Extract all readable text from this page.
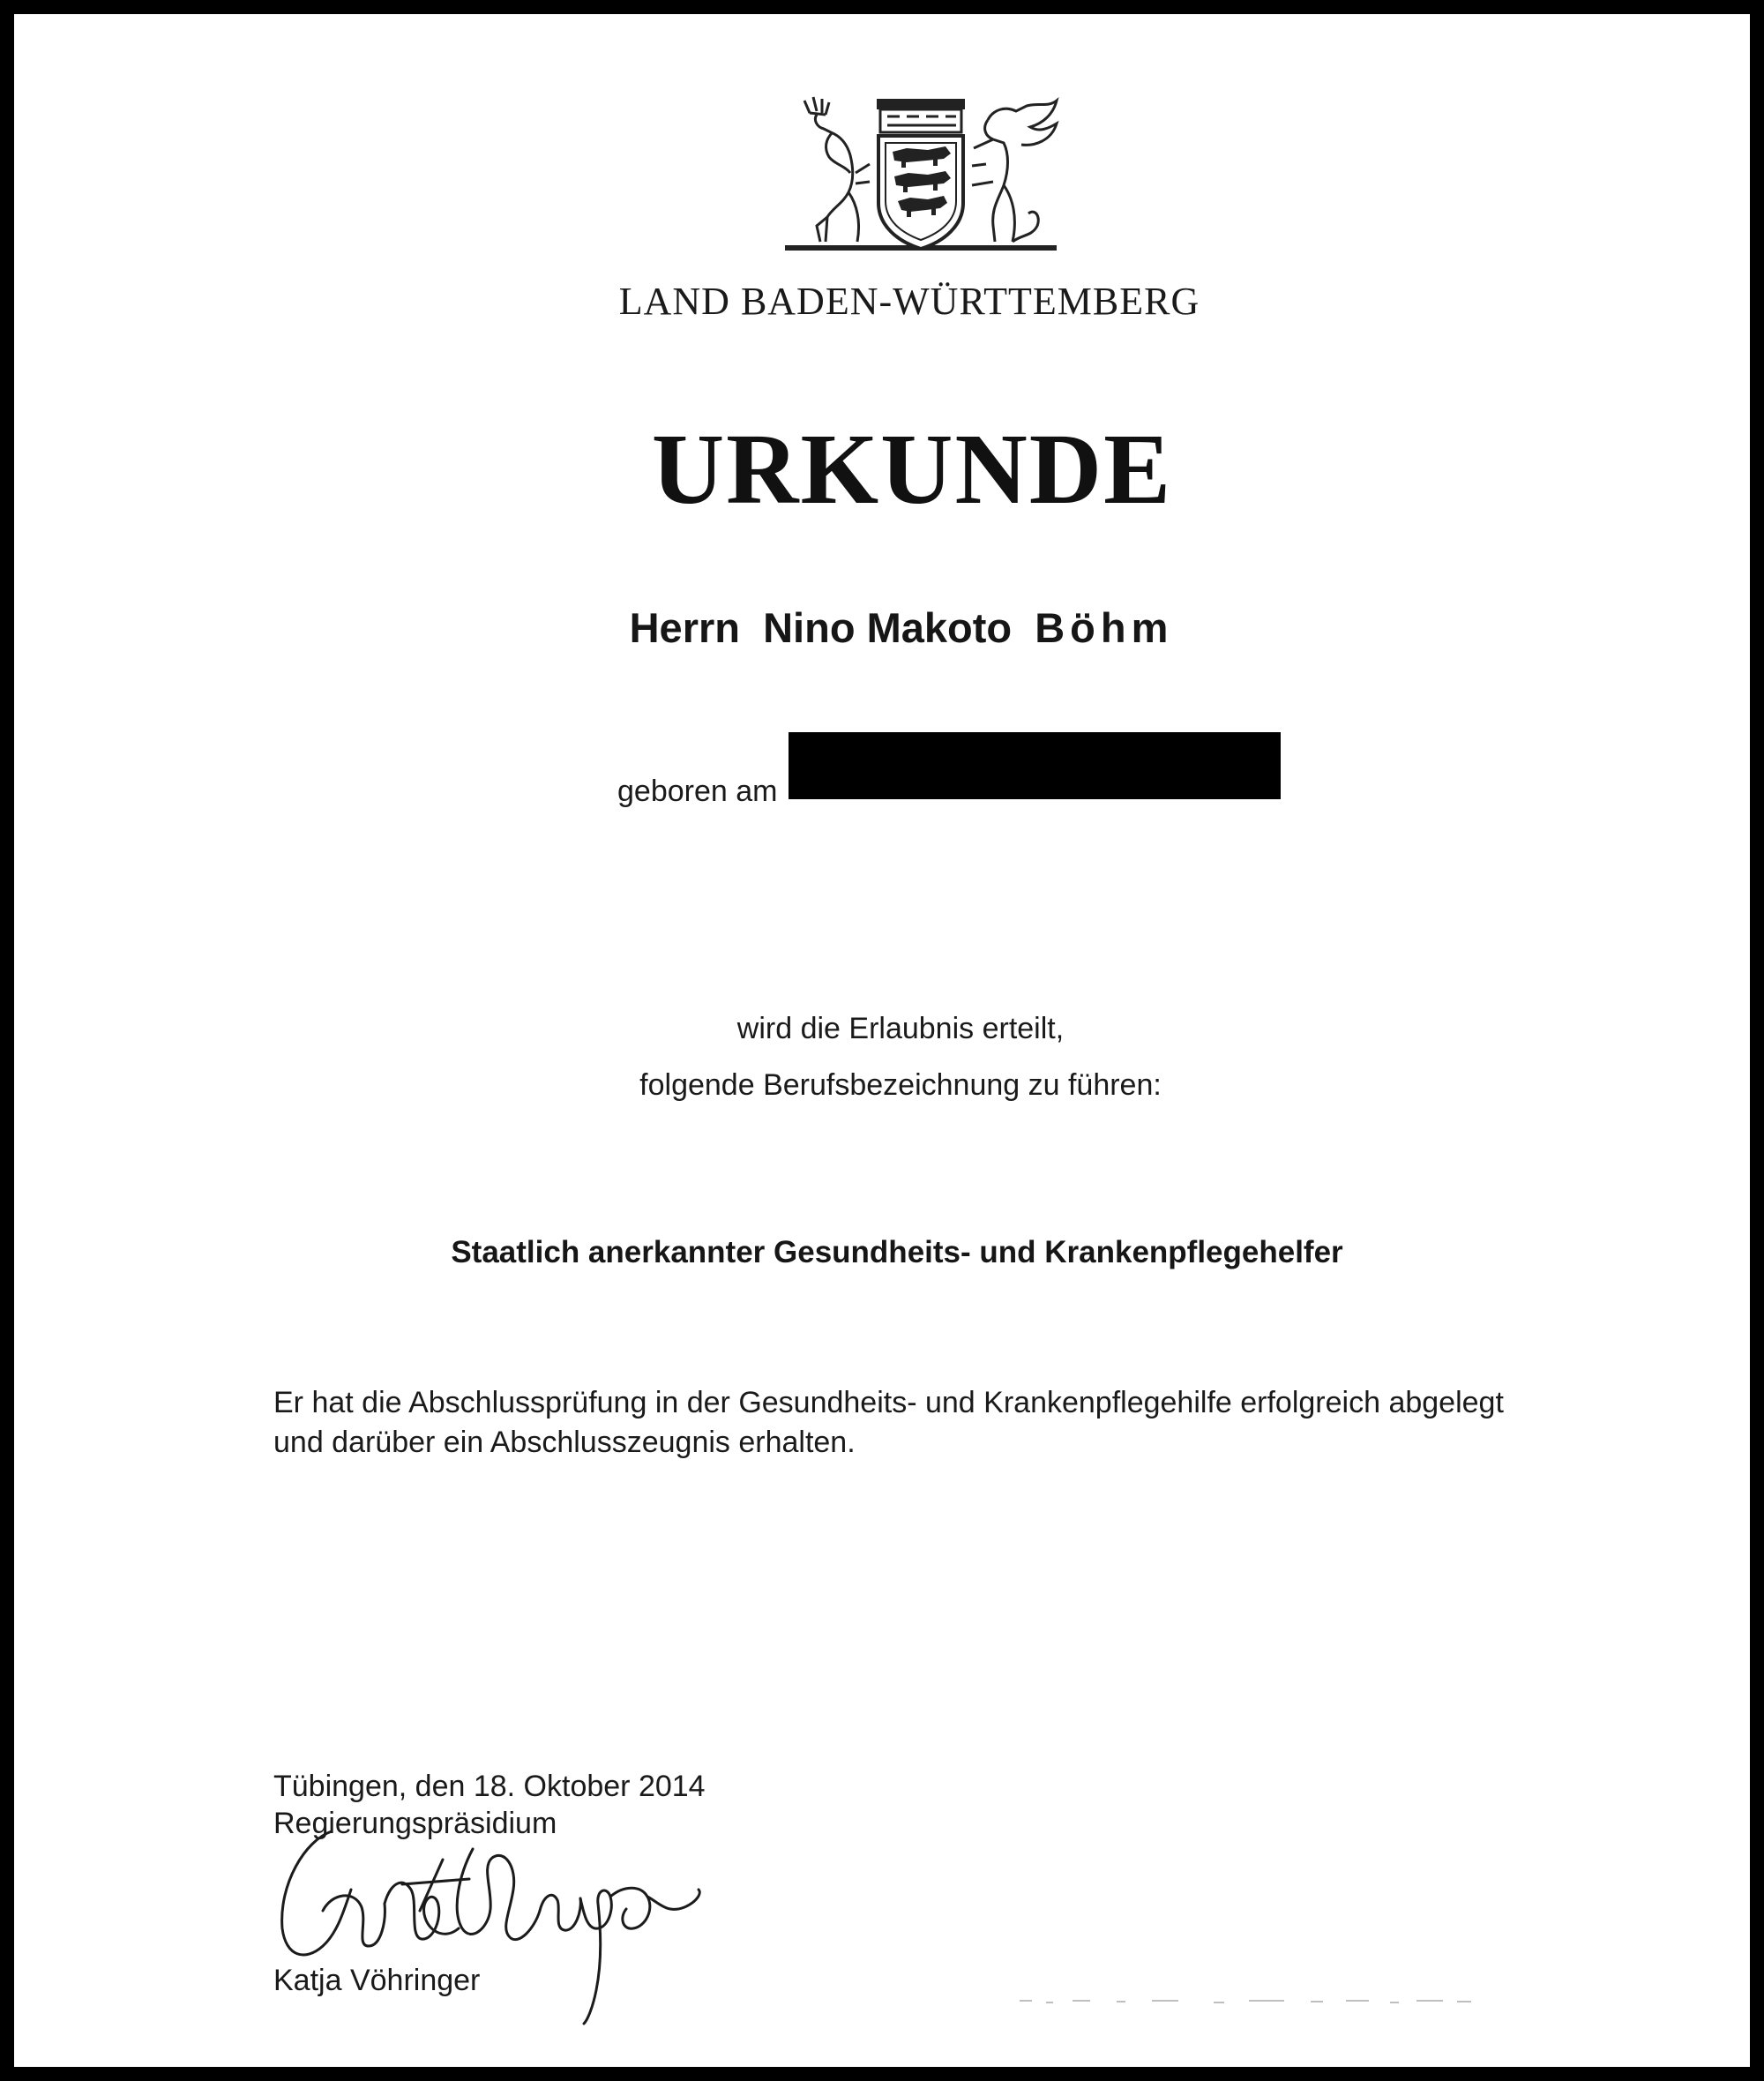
LAND BADEN-WÜRTTEMBERG
URKUNDE
Herrn Nino Makoto Böhm
geboren am
wird die Erlaubnis erteilt,
folgende Berufsbezeichnung zu führen:
Staatlich anerkannter Gesundheits- und Krankenpflegehelfer
Er hat die Abschlussprüfung in der Gesundheits- und Krankenpflegehilfe erfolgreich abgelegt und darüber ein Abschlusszeugnis erhalten.
Tübingen, den 18. Oktober 2014
Regierungspräsidium
Katja Vöhringer
